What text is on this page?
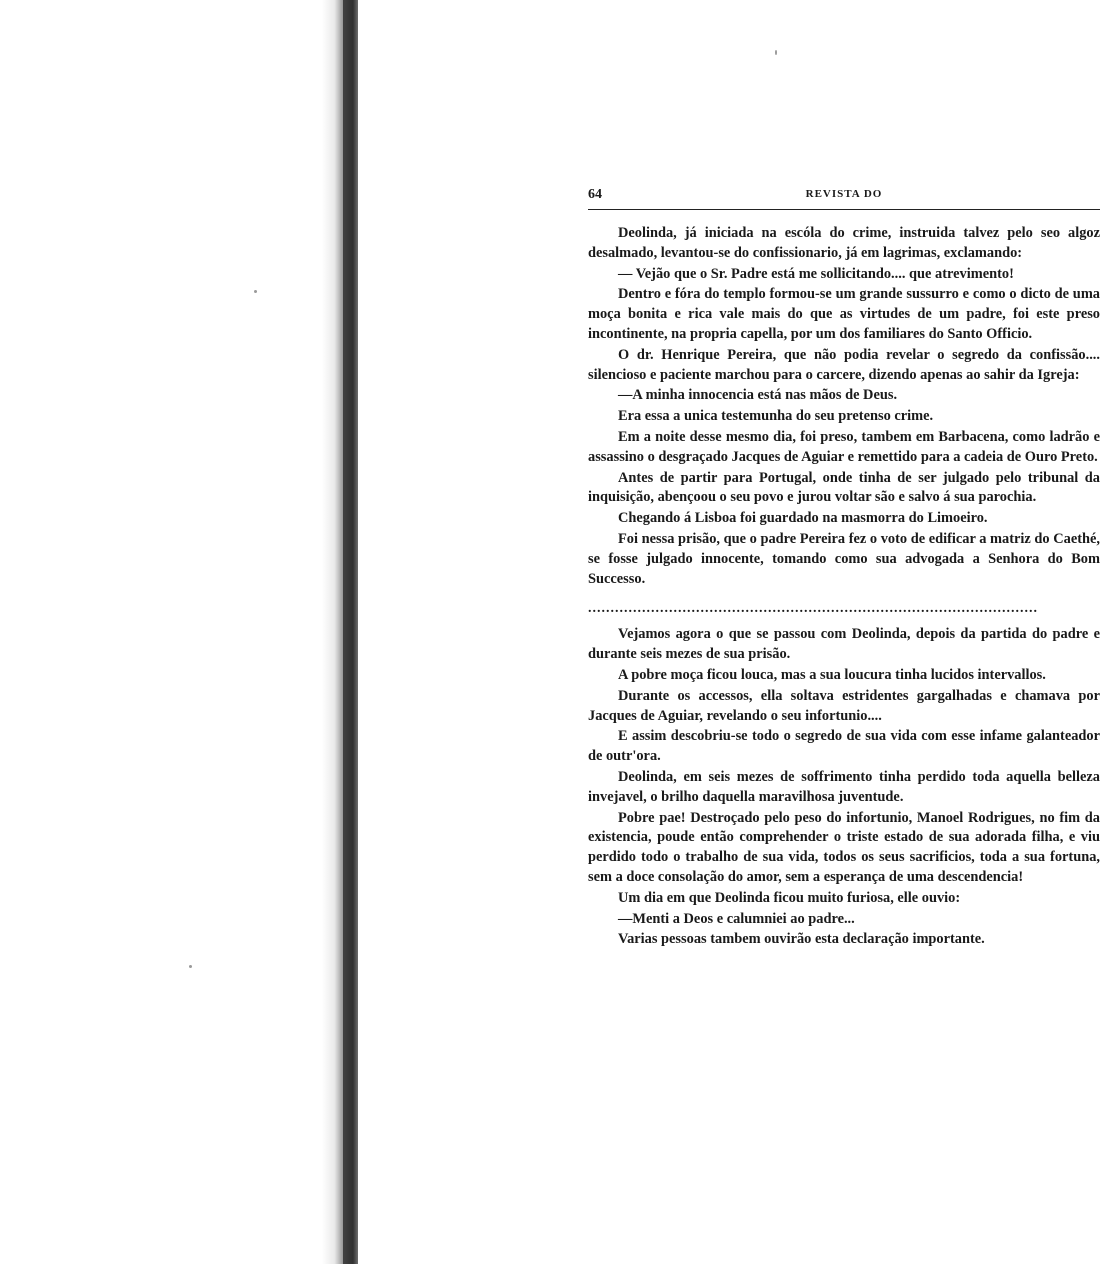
64	REVISTA DO

Deolinda, já iniciada na escóla do crime, instruida talvez pelo seo algoz desalmado, levantou-se do confissionario, já em lagrimas, exclamando:

— Vejão que o Sr. Padre está me sollicitando.... que atrevimento!

Dentro e fóra do templo formou-se um grande sussurro e como o dicto de uma moça bonita e rica vale mais do que as virtudes de um padre, foi este preso incontinente, na propria capella, por um dos familiares do Santo Officio.

O dr. Henrique Pereira, que não podia revelar o segredo da confissão.... silencioso e paciente marchou para o carcere, dizendo apenas ao sahir da Igreja:

—A minha innocencia está nas mãos de Deus.

Era essa a unica testemunha do seu pretenso crime.

Em a noite desse mesmo dia, foi preso, tambem em Barbacena, como ladrão e assassino o desgraçado Jacques de Aguiar e remettido para a cadeia de Ouro Preto.

Antes de partir para Portugal, onde tinha de ser julgado pelo tribunal da inquisição, abençoou o seu povo e jurou voltar são e salvo á sua parochia.

Chegando á Lisboa foi guardado na masmorra do Limoeiro.

Foi nessa prisão, que o padre Pereira fez o voto de edificar a matriz do Caethé, se fosse julgado innocente, tomando como sua advogada a Senhora do Bom Successo.

....................................................................................................

Vejamos agora o que se passou com Deolinda, depois da partida do padre e durante seis mezes de sua prisão.

A pobre moça ficou louca, mas a sua loucura tinha lucidos intervallos.

Durante os accessos, ella soltava estridentes gargalhadas e chamava por Jacques de Aguiar, revelando o seu infortunio....

E assim descobriu-se todo o segredo de sua vida com esse infame galanteador de outr'ora.

Deolinda, em seis mezes de soffrimento tinha perdido toda aquella belleza invejavel, o brilho daquella maravilhosa juventude.

Pobre pae! Destroçado pelo peso do infortunio, Manoel Rodrigues, no fim da existencia, poude então comprehender o triste estado de sua adorada filha, e viu perdido todo o trabalho de sua vida, todos os seus sacrificios, toda a sua fortuna, sem a doce consolação do amor, sem a esperança de uma descendencia!

Um dia em que Deolinda ficou muito furiosa, elle ouvio:

—Menti a Deos e calumniei ao padre...

Varias pessoas tambem ouvirão esta declaração importante.
